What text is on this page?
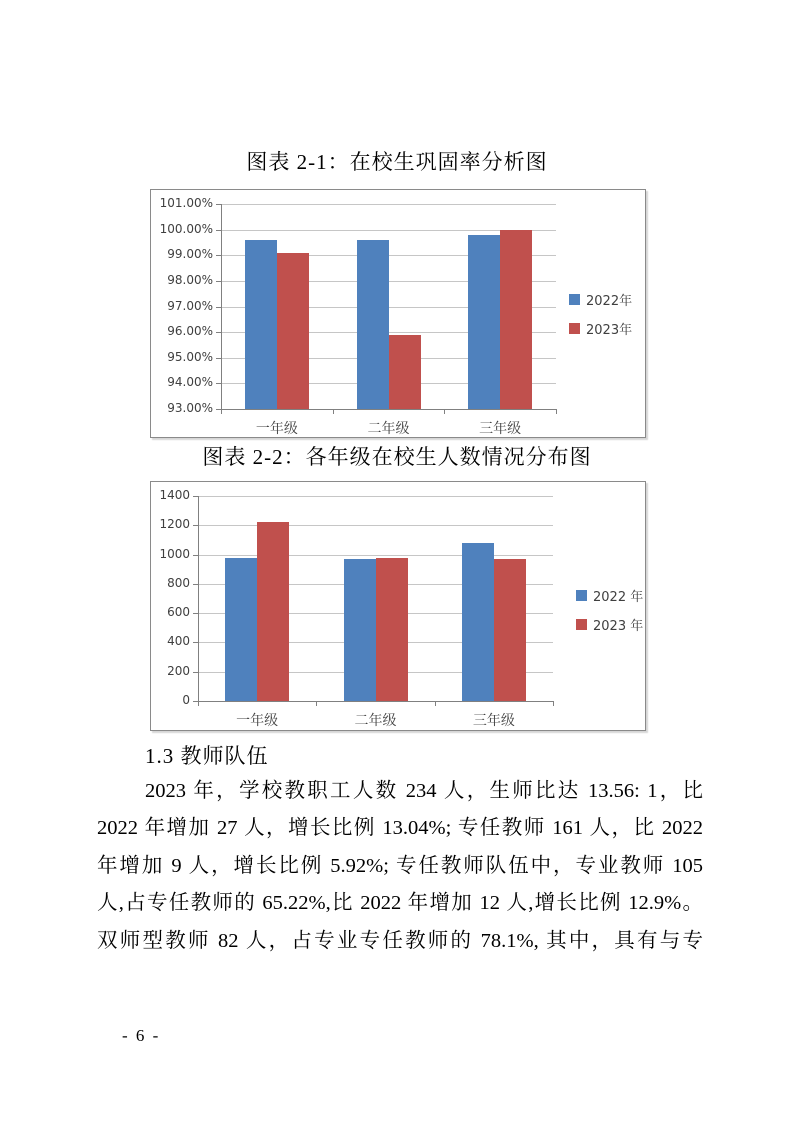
图表 2-1：在校生巩固率分析图
93.00%
94.00%
95.00%
96.00%
97.00%
98.00%
99.00%
100.00%
101.00%
一年级	二年级	三年级
2022年
2023年
图表 2-2：各年级在校生人数情况分布图
0
200
400
600
800
1000
1200
1400
一年级	二年级	三年级
2022 年
2023 年
1.3 教师队伍
2023 年，学校教职工人数 234 人，生师比达 13.56: 1，比
2022 年增加 27 人，增长比例 13.04%; 专任教师 161 人，比 2022
年增加 9 人，增长比例 5.92%; 专任教师队伍中，专业教师 105
人,占专任教师的 65.22%,比 2022 年增加 12 人,增长比例 12.9%。
双师型教师 82 人，占专业专任教师的 78.1%, 其中，具有与专
- 6 -
